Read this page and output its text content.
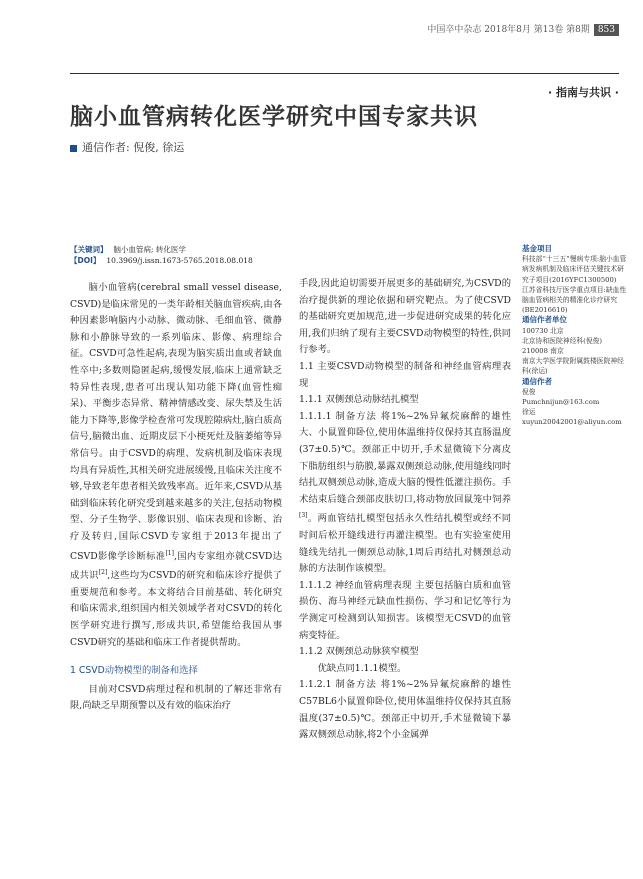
中国卒中杂志 2018年8月 第13卷 第8期 853
· 指南与共识 ·
脑小血管病转化医学研究中国专家共识
通信作者: 倪俊, 徐运
【关键词】 脑小血管病; 转化医学
【DOI】 10.3969/j.issn.1673-5765.2018.08.018

脑小血管病(cerebral small vessel disease, CSVD)是临床常见的一类年龄相关脑血管疾病,由各种因素影响脑内小动脉、微动脉、毛细血管、微静脉和小静脉导致的一系列临床、影像、病理综合征。CSVD可急性起病,表现为脑实质出血或者缺血性卒中;多数则隐匿起病,缓慢发展,临床上通常缺乏特异性表现,患者可出现认知功能下降(血管性痴呆)、平衡步态异常、精神情感改变、尿失禁及生活能力下降等,影像学检查常可发现腔隙病灶,脑白质高信号,脑微出血、近期皮层下小梗死灶及脑萎缩等异常信号。由于CSVD的病理、发病机制及临床表现均具有异质性,其相关研究进展缓慢,且临床关注度不够,导致老年患者相关致残率高。近年来,CSVD从基础到临床转化研究受到越来越多的关注,包括动物模型、分子生物学、影像识别、临床表现和诊断、治疗及转归,国际CSVD专家组于2013年提出了CSVD影像学诊断标准[1],国内专家组亦就CSVD达成共识[2],这些均为CSVD的研究和临床诊疗提供了重要规范和参考。本文将结合目前基础、转化研究和临床需求,组织国内相关领域学者对CSVD的转化医学研究进行撰写,形成共识,希望能给我国从事CSVD研究的基础和临床工作者提供帮助。

1 CSVD动物模型的制备和选择

目前对CSVD病理过程和机制的了解还非常有限,尚缺乏早期预警以及有效的临床治疗

手段,因此迫切需要开展更多的基础研究,为CSVD的治疗提供新的理论依据和研究靶点。为了使CSVD的基础研究更加规范,进一步促进研究成果的转化应用,我们归纳了现有主要CSVD动物模型的特性,供同行参考。

1.1 主要CSVD动物模型的制备和神经血管病理表现

1.1.1 双侧颈总动脉结扎模型

1.1.1.1 制备方法 将1%~2%异氟烷麻醉的雄性大、小鼠置仰卧位,使用体温维持仪保持其直肠温度(37±0.5)℃。颈部正中切开,手术显微镜下分离皮下脂肪组织与筋膜,暴露双侧颈总动脉,使用缝线同时结扎双侧颈总动脉,造成大脑的慢性低灌注损伤。手术结束后缝合颈部皮肤切口,将动物放回鼠笼中饲养[3]。两血管结扎模型包括永久性结扎模型或经不同时间后松开缝线进行再灌注模型。也有实验室使用缝线先结扎一侧颈总动脉,1周后再结扎对侧颈总动脉的方法制作该模型。

1.1.1.2 神经血管病理表现 主要包括脑白质和血管损伤、海马神经元缺血性损伤、学习和记忆等行为学测定可检测到认知损害。该模型无CSVD的血管病变特征。

1.1.2 双侧颈总动脉狭窄模型

优缺点同1.1.1模型。

1.1.2.1 制备方法 将1%~2%异氟烷麻醉的雄性C57BL6小鼠置仰卧位,使用体温维持仪保持其直肠温度(37±0.5)℃。颈部正中切开,手术显微镜下暴露双侧颈总动脉,将2个小金属弹

基金项目
科技部“十三五”慢病专项:脑小血管病发病机制及临床评估关键技术研究子项目(2016YFC1300500)
江苏省科技厅医学重点项目:缺血性脑血管病相关的精准化诊疗研究(BE2016610)
通信作者单位
100730 北京
北京协和医院神经科(倪俊)
210008 南京
南京大学医学院附属鼓楼医院神经科(徐运)
通信作者
倪俊
Pumchnijun@163.com
徐运
xuyun20042001@aliyun.com
